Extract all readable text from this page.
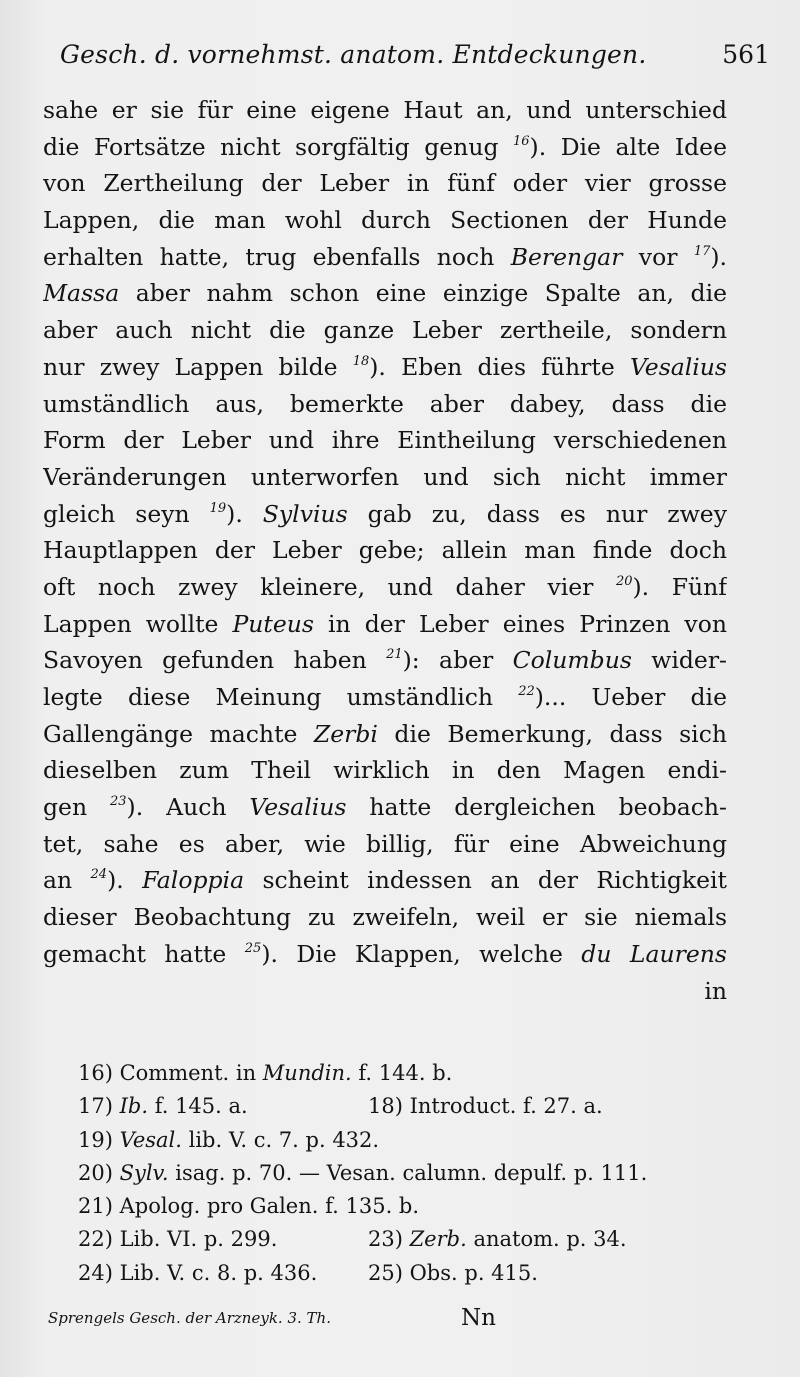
Gesch. d. vornehmst. anatom. Entdeckungen.	561
sahe er sie für eine eigene Haut an, und unterschied
die Fortsätze nicht sorgfältig genug $^{16}$). Die alte Idee
von Zertheilung der Leber in fünf oder vier grosse
Lappen, die man wohl durch Sectionen der Hunde
erhalten hatte, trug ebenfalls noch Berengar vor $^{17}$).
Massa aber nahm schon eine einzige Spalte an, die
aber auch nicht die ganze Leber zertheile, sondern
nur zwey Lappen bilde $^{18}$). Eben dies führte Vesalius
umständlich aus, bemerkte aber dabey, dass die
Form der Leber und ihre Eintheilung verschiedenen
Veränderungen unterworfen und sich nicht immer
gleich seyn $^{19}$). Sylvius gab zu, dass es nur zwey
Hauptlappen der Leber gebe; allein man finde doch
oft noch zwey kleinere, und daher vier $^{20}$). Fünf
Lappen wollte Puteus in der Leber eines Prinzen von
Savoyen gefunden haben $^{21}$): aber Columbus wider-
legte diese Meinung umständlich $^{22}$)... Ueber die
Gallengänge machte Zerbi die Bemerkung, dass sich
dieselben zum Theil wirklich in den Magen endi-
gen $^{23}$). Auch Vesalius hatte dergleichen beobach-
tet, sahe es aber, wie billig, für eine Abweichung
an $^{24}$). Faloppia scheint indessen an der Richtigkeit
dieser Beobachtung zu zweifeln, weil er sie niemals
gemacht hatte $^{25}$). Die Klappen, welche du Laurens
in
16) Comment. in Mundin. f. 144. b.
17) Ib. f. 145. a.	18) Introduct. f. 27. a.
19) Vesal. lib. V. c. 7. p. 432.
20) Sylv. isag. p. 70. — Vesan. calumn. depulf. p. 111.
21) Apolog. pro Galen. f. 135. b.
22) Lib. VI. p. 299.	23) Zerb. anatom. p. 34.
24) Lib. V. c. 8. p. 436. 25) Obs. p. 415.
Sprengels Gesch. der Arzneyk. 3. Th.	Nn
